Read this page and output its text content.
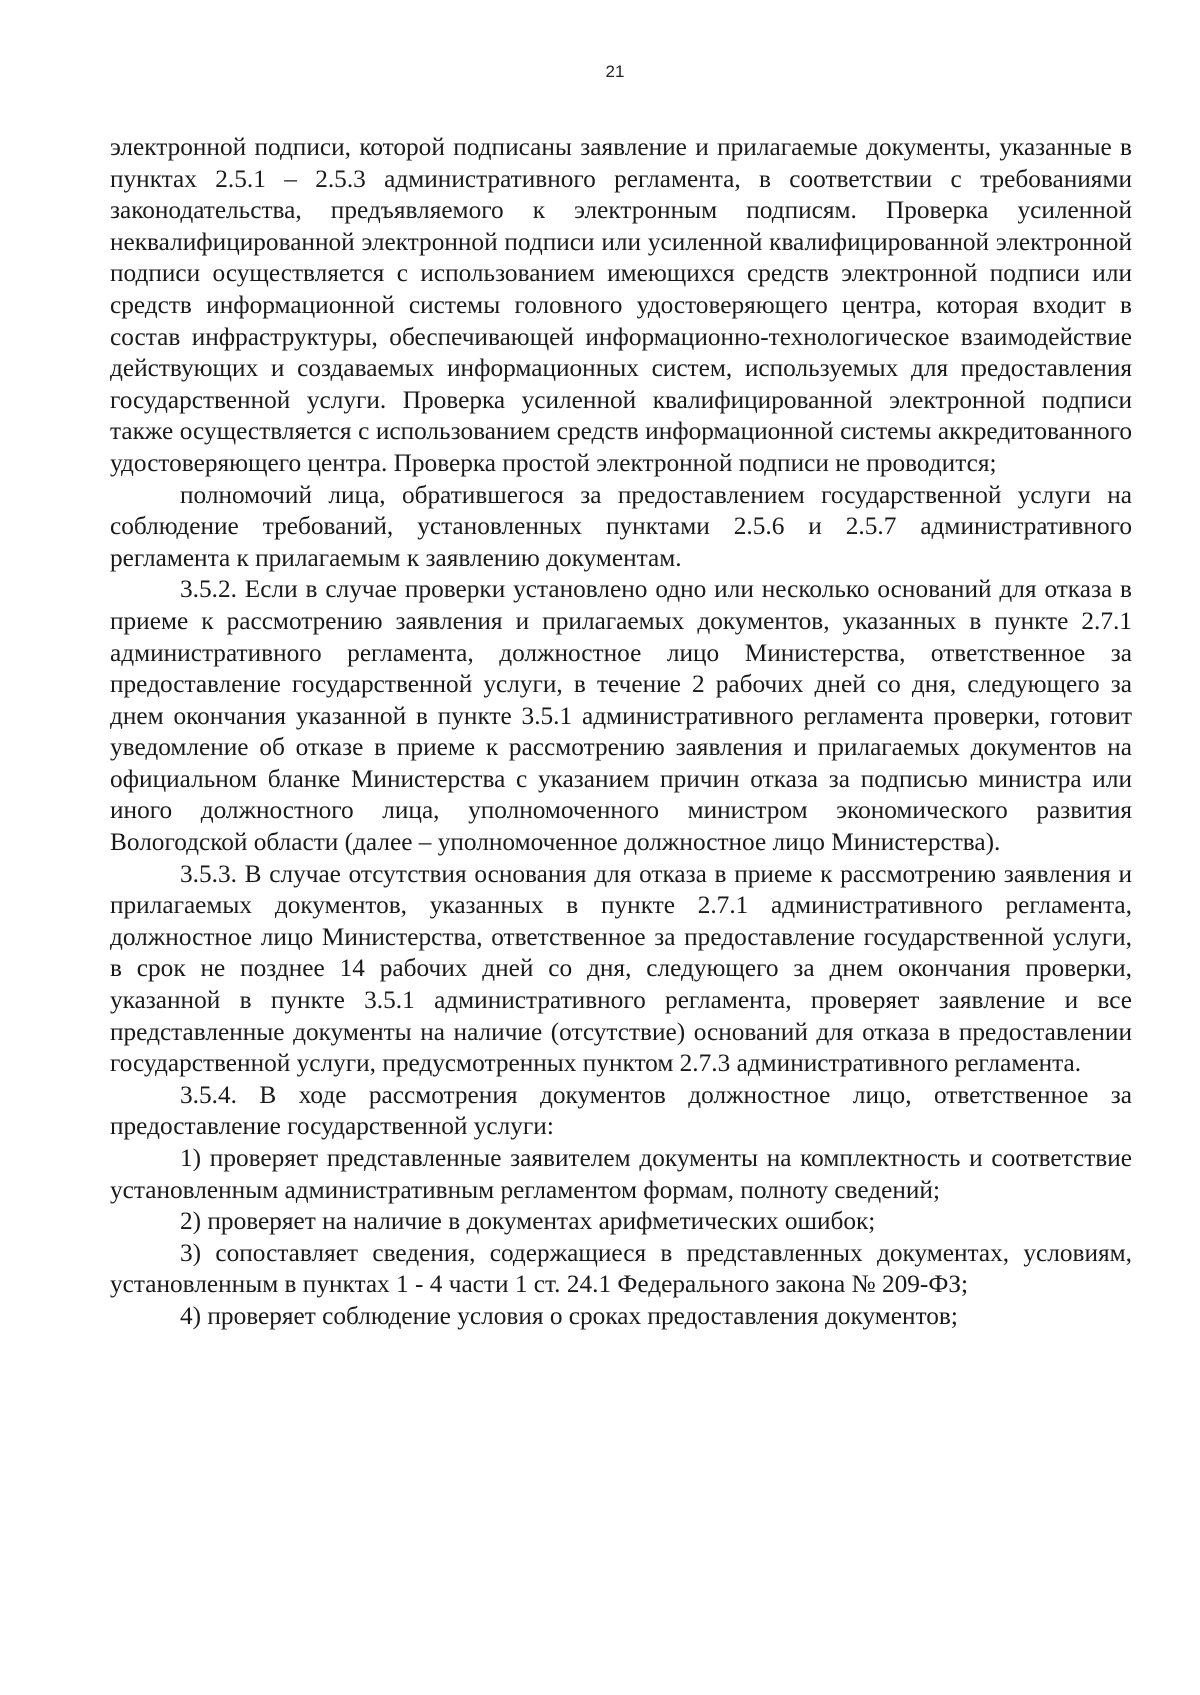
21

электронной подписи, которой подписаны заявление и прилагаемые документы, указанные в пунктах 2.5.1 – 2.5.3 административного регламента, в соответствии с требованиями законодательства, предъявляемого к электронным подписям. Проверка усиленной неквалифицированной электронной подписи или усиленной квалифицированной электронной подписи осуществляется с использованием имеющихся средств электронной подписи или средств информационной системы головного удостоверяющего центра, которая входит в состав инфраструктуры, обеспечивающей информационно-технологическое взаимодействие действующих и создаваемых информационных систем, используемых для предоставления государственной услуги. Проверка усиленной квалифицированной электронной подписи также осуществляется с использованием средств информационной системы аккредитованного удостоверяющего центра. Проверка простой электронной подписи не проводится;

полномочий лица, обратившегося за предоставлением государственной услуги на соблюдение требований, установленных пунктами 2.5.6 и 2.5.7 административного регламента к прилагаемым к заявлению документам.

3.5.2. Если в случае проверки установлено одно или несколько оснований для отказа в приеме к рассмотрению заявления и прилагаемых документов, указанных в пункте 2.7.1 административного регламента, должностное лицо Министерства, ответственное за предоставление государственной услуги, в течение 2 рабочих дней со дня, следующего за днем окончания указанной в пункте 3.5.1 административного регламента проверки, готовит уведомление об отказе в приеме к рассмотрению заявления и прилагаемых документов на официальном бланке Министерства с указанием причин отказа за подписью министра или иного должностного лица, уполномоченного министром экономического развития Вологодской области (далее – уполномоченное должностное лицо Министерства).

3.5.3. В случае отсутствия основания для отказа в приеме к рассмотрению заявления и прилагаемых документов, указанных в пункте 2.7.1 административного регламента, должностное лицо Министерства, ответственное за предоставление государственной услуги, в срок не позднее 14 рабочих дней со дня, следующего за днем окончания проверки, указанной в пункте 3.5.1 административного регламента, проверяет заявление и все представленные документы на наличие (отсутствие) оснований для отказа в предоставлении государственной услуги, предусмотренных пунктом 2.7.3 административного регламента.

3.5.4. В ходе рассмотрения документов должностное лицо, ответственное за предоставление государственной услуги:

1) проверяет представленные заявителем документы на комплектность и соответствие установленным административным регламентом формам, полноту сведений;

2) проверяет на наличие в документах арифметических ошибок;

3) сопоставляет сведения, содержащиеся в представленных документах, условиям, установленным в пунктах 1 - 4 части 1 ст. 24.1 Федерального закона № 209-ФЗ;

4) проверяет соблюдение условия о сроках предоставления документов;
